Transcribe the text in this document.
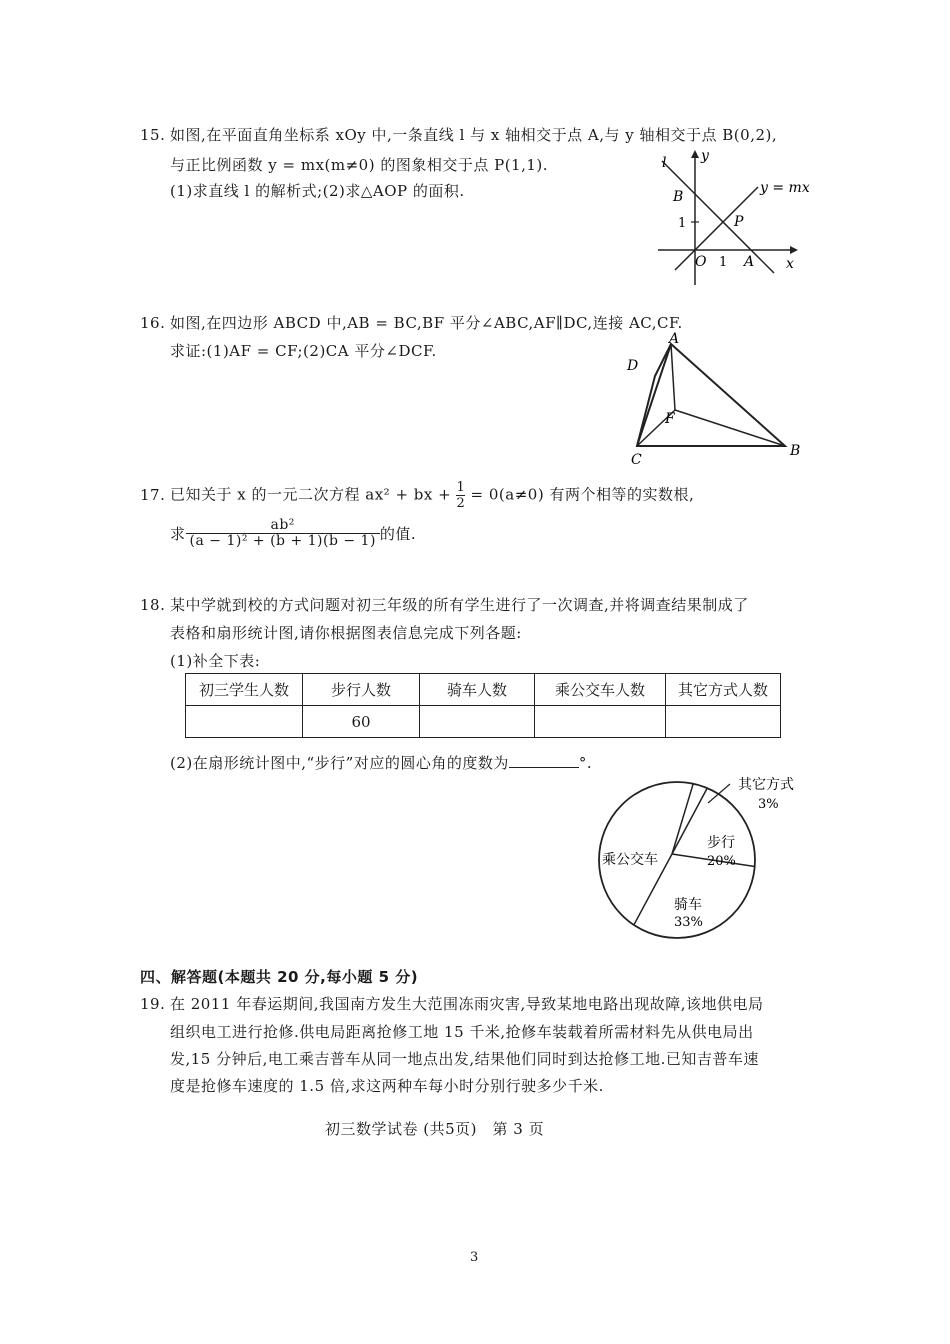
15. 如图,在平面直角坐标系 xOy 中,一条直线 l 与 x 轴相交于点 A,与 y 轴相交于点 B(0,2),
与正比例函数 y = mx(m≠0) 的图象相交于点 P(1,1).
(1)求直线 l 的解析式;(2)求△AOP 的面积.
l y
x
B
1	P
O 1 A
y = mx
16. 如图,在四边形 ABCD 中,AB = BC,BF 平分∠ABC,AF∥DC,连接 AC,CF.
求证:(1)AF = CF;(2)CA 平分∠DCF.
A
B
C
D
F
17. 已知关于 x 的一元二次方程 ax² + bx + $\frac{1}{2} = 0(a\ne 0)$ 有两个相等的实数根,
求 $\frac{\text{ab²}}{\text{(a − 1)² + (b + 1)(b − 1)}}$ 的值.
18. 某中学就到校的方式问题对初三年级的所有学生进行了一次调查,并将调查结果制成了
表格和扇形统计图,请你根据图表信息完成下列各题:
(1)补全下表:
初三学生人数	步行人数	骑车人数	乘公交车人数	其它方式人数
	60			
(2)在扇形统计图中,“步行”对应的圆心角的度数为	°.
其它方式
3%
步行
20%
骑车
33%
乘公交车
四、解答题(本题共 20 分,每小题 5 分)
19. 在 2011 年春运期间,我国南方发生大范围冻雨灾害,导致某地电路出现故障,该地供电局
组织电工进行抢修.供电局距离抢修工地 15 千米,抢修车装载着所需材料先从供电局出
发,15 分钟后,电工乘吉普车从同一地点出发,结果他们同时到达抢修工地.已知吉普车速
度是抢修车速度的 1.5 倍,求这两种车每小时分别行驶多少千米.
初三数学试卷 (共5页)　第 3 页
3
